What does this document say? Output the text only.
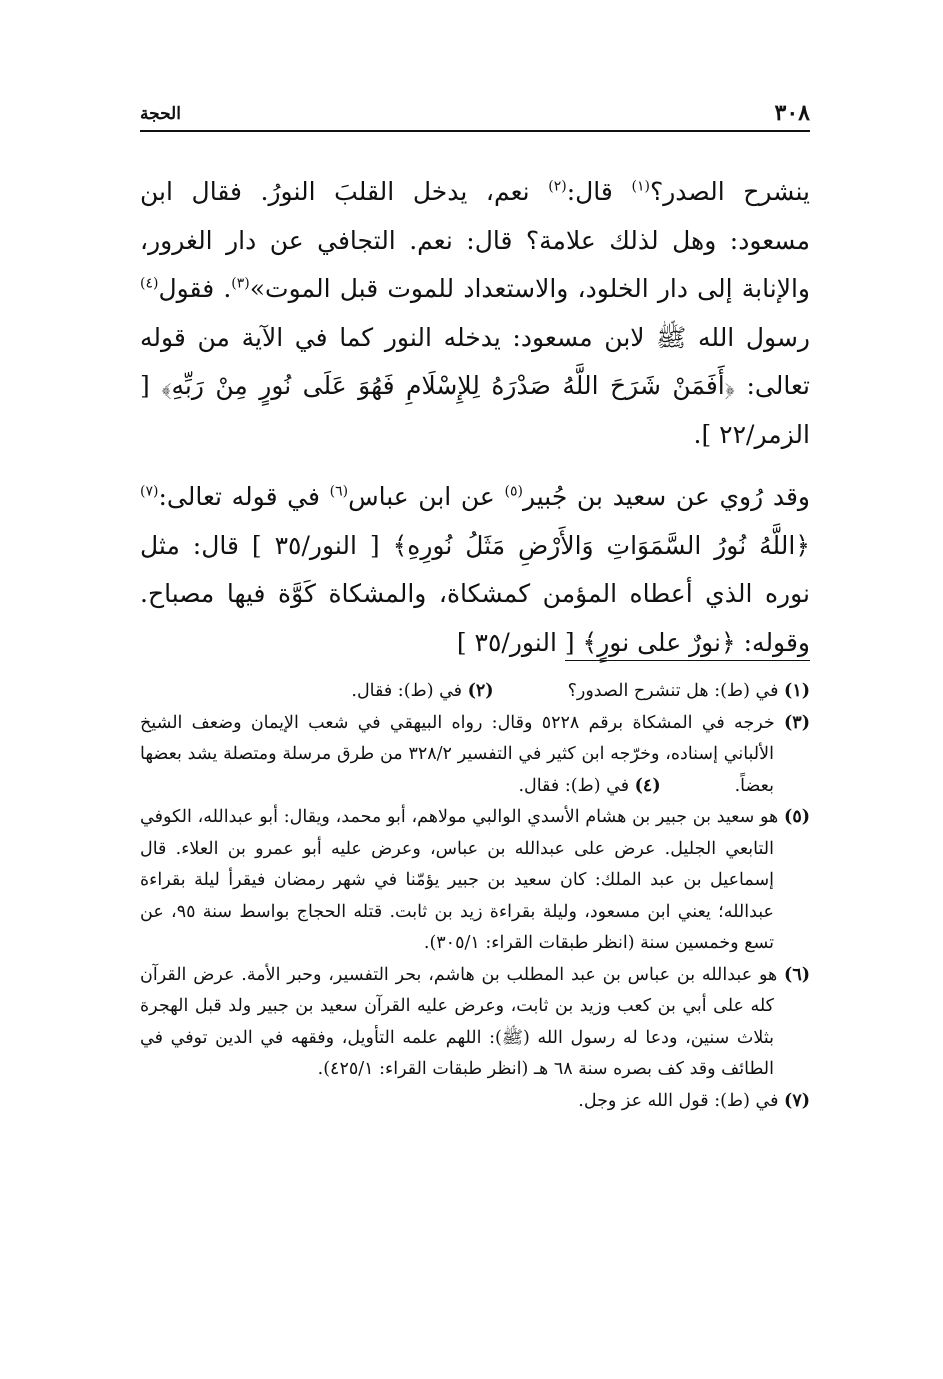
٣٠٨
الحجة

ينشرح الصدر؟$^{(١)}$ قال:$^{(٢)}$ نعم، يدخل القلبَ النورُ. فقال ابن مسعود: وهل لذلك علامة؟ قال: نعم. التجافي عن دار الغرور، والإنابة إلى دار الخلود، والاستعداد للموت قبل الموت»$^{(٣)}$. فقول$^{(٤)}$ رسول الله ﷺ لابن مسعود: يدخله النور كما في الآية من قوله تعالى: ﴿أَفَمَنْ شَرَحَ اللَّهُ صَدْرَهُ لِلإِسْلَامِ فَهُوَ عَلَى نُورٍ مِنْ رَبِّهِ﴾ [ الزمر/٢٢ ].

وقد رُوي عن سعيد بن جُبير$^{(٥)}$ عن ابن عباس$^{(٦)}$ في قوله تعالى:$^{(٧)}$ ﴿اللَّهُ نُورُ السَّمَوَاتِ وَالأَرْضِ مَثَلُ نُورِهِ﴾ [ النور/٣٥ ] قال: مثل نوره الذي أعطاه المؤمن كمشكاة، والمشكاة كَوَّة فيها مصباح. وقوله: ﴿نورٌ على نورٍ﴾ [ النور/٣٥ ]

(١) في (ط): هل تنشرح الصدور؟(٢) في (ط): فقال.

(٣) خرجه في المشكاة برقم ٥٢٢٨ وقال: رواه البيهقي في شعب الإيمان وضعف الشيخ الألباني إسناده، وخرّجه ابن كثير في التفسير ٣٢٨/٢ من طرق مرسلة ومتصلة يشد بعضها بعضاً.(٤) في (ط): فقال.

(٥) هو سعيد بن جبير بن هشام الأسدي الوالبي مولاهم، أبو محمد، ويقال: أبو عبدالله، الكوفي التابعي الجليل. عرض على عبدالله بن عباس، وعرض عليه أبو عمرو بن العلاء. قال إسماعيل بن عبد الملك: كان سعيد بن جبير يؤمّنا في شهر رمضان فيقرأ ليلة بقراءة عبدالله؛ يعني ابن مسعود، وليلة بقراءة زيد بن ثابت. قتله الحجاج بواسط سنة ٩٥، عن تسع وخمسين سنة (انظر طبقات القراء: ٣٠٥/١).

(٦) هو عبدالله بن عباس بن عبد المطلب بن هاشم، بحر التفسير، وحبر الأمة. عرض القرآن كله على أبي بن كعب وزيد بن ثابت، وعرض عليه القرآن سعيد بن جبير ولد قبل الهجرة بثلاث سنين، ودعا له رسول الله (ﷺ): اللهم علمه التأويل، وفقهه في الدين توفي في الطائف وقد كف بصره سنة ٦٨ هـ (انظر طبقات القراء: ٤٢٥/١).

(٧) في (ط): قول الله عز وجل.
